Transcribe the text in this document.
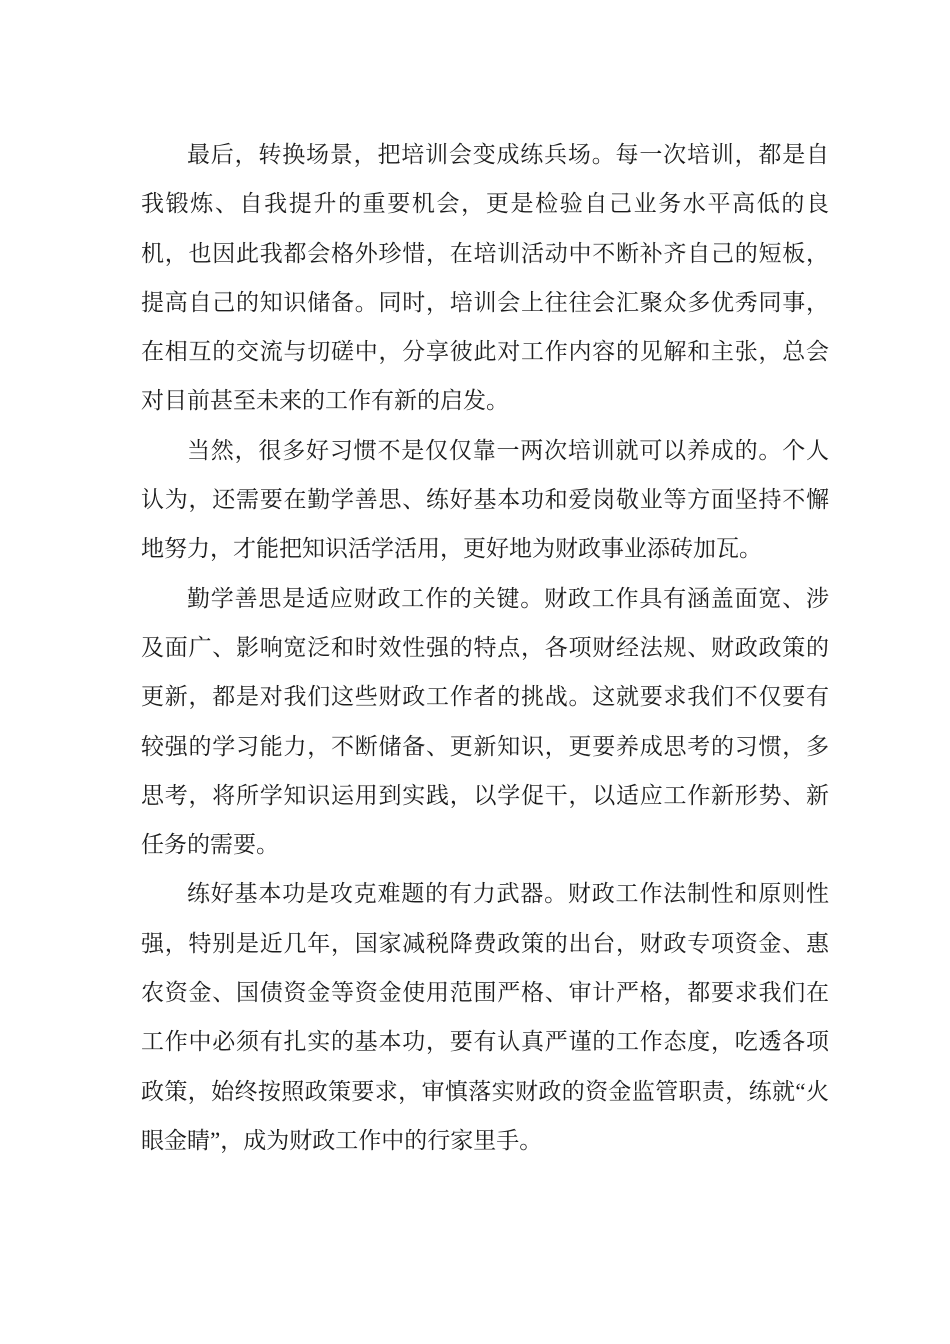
最后，转换场景，把培训会变成练兵场。每一次培训，都是自我锻炼、自我提升的重要机会，更是检验自己业务水平高低的良机，也因此我都会格外珍惜，在培训活动中不断补齐自己的短板，提高自己的知识储备。同时，培训会上往往会汇聚众多优秀同事，在相互的交流与切磋中，分享彼此对工作内容的见解和主张，总会对目前甚至未来的工作有新的启发。

当然，很多好习惯不是仅仅靠一两次培训就可以养成的。个人认为，还需要在勤学善思、练好基本功和爱岗敬业等方面坚持不懈地努力，才能把知识活学活用，更好地为财政事业添砖加瓦。

勤学善思是适应财政工作的关键。财政工作具有涵盖面宽、涉及面广、影响宽泛和时效性强的特点，各项财经法规、财政政策的更新，都是对我们这些财政工作者的挑战。这就要求我们不仅要有较强的学习能力，不断储备、更新知识，更要养成思考的习惯，多思考，将所学知识运用到实践，以学促干，以适应工作新形势、新任务的需要。

练好基本功是攻克难题的有力武器。财政工作法制性和原则性强，特别是近几年，国家减税降费政策的出台，财政专项资金、惠农资金、国债资金等资金使用范围严格、审计严格，都要求我们在工作中必须有扎实的基本功，要有认真严谨的工作态度，吃透各项政策，始终按照政策要求，审慎落实财政的资金监管职责，练就“火眼金睛”，成为财政工作中的行家里手。
